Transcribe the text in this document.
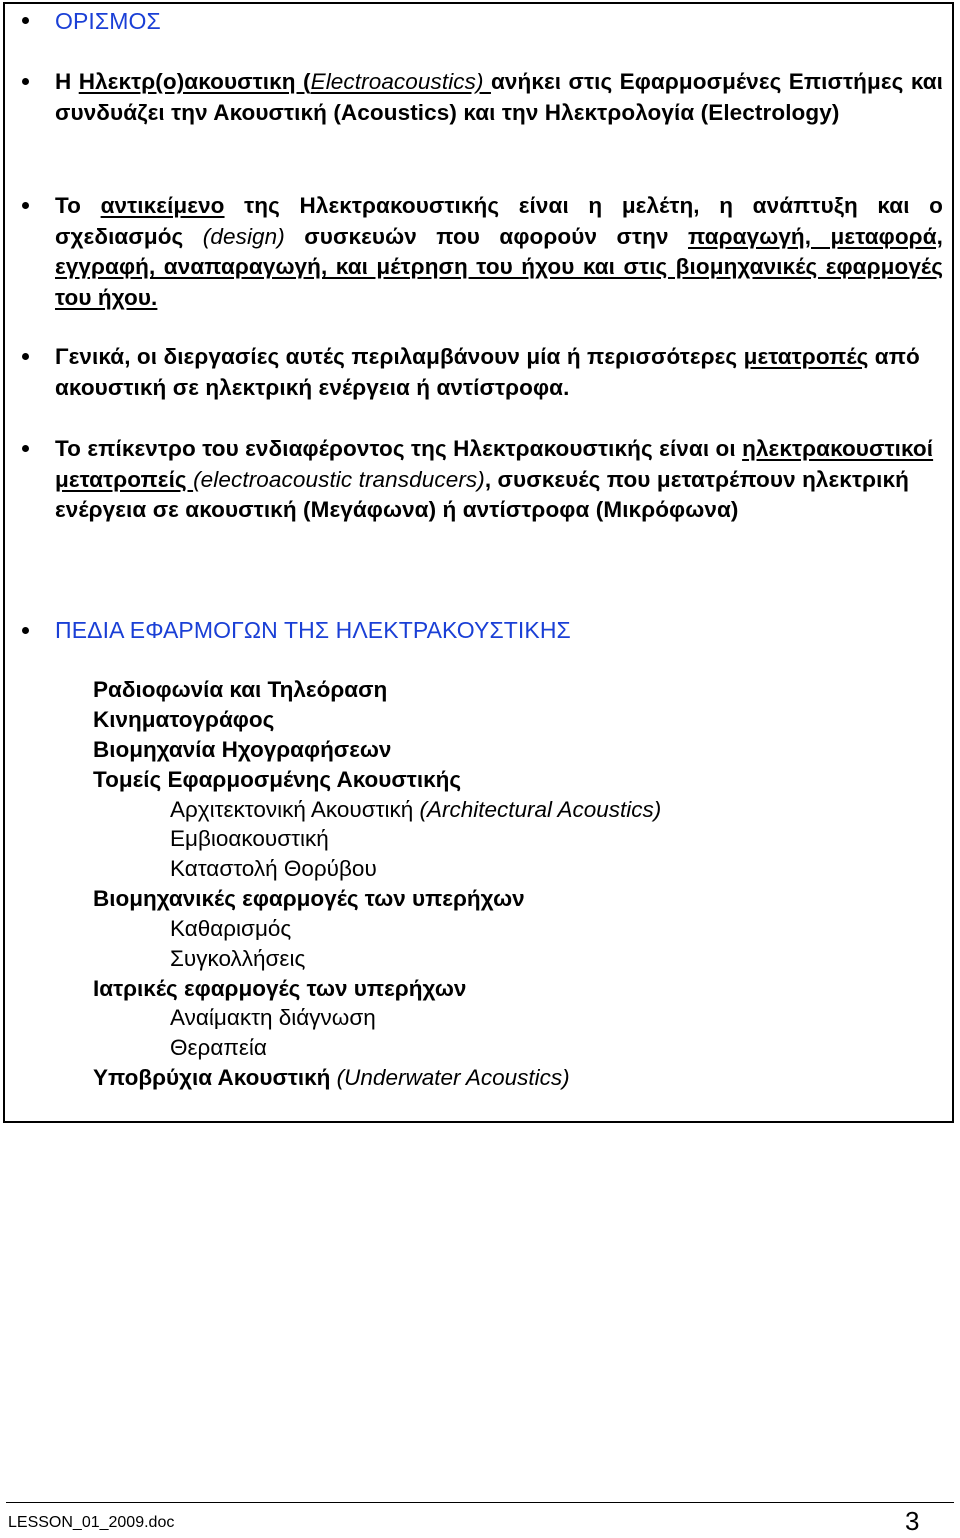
ΟΡΙΣΜΟΣ
Η Ηλεκτρ(ο)ακουστικη (Electroacoustics) ανήκει στις Εφαρμοσμένες Επιστήμες και συνδυάζει την Ακουστική (Acoustics) και την Ηλεκτρολογία (Electrology)
Το αντικείμενο της Ηλεκτρακουστικής είναι η μελέτη, η ανάπτυξη και ο σχεδιασμός (design) συσκευών που αφορούν στην παραγωγή, μεταφορά, εγγραφή, αναπαραγωγή, και μέτρηση του ήχου και στις βιομηχανικές εφαρμογές του ήχου.
Γενικά, οι διεργασίες αυτές περιλαμβάνουν μία ή περισσότερες μετατροπές από ακουστική σε ηλεκτρική ενέργεια ή αντίστροφα.
Το επίκεντρο του ενδιαφέροντος της Ηλεκτρακουστικής είναι οι ηλεκτρακουστικοί μετατροπείς (electroacoustic transducers), συσκευές που μετατρέπουν ηλεκτρική ενέργεια σε ακουστική (Μεγάφωνα) ή αντίστροφα (Μικρόφωνα)
ΠΕΔΙΑ ΕΦΑΡΜΟΓΩΝ ΤΗΣ ΗΛΕΚΤΡΑΚΟΥΣΤΙΚΗΣ
Ραδιοφωνία και Τηλεόραση
Κινηματογράφος
Βιομηχανία Ηχογραφήσεων
Τομείς Εφαρμοσμένης Ακουστικής
Αρχιτεκτονική Ακουστική (Architectural Acoustics)
Εμβιοακουστική
Καταστολή Θορύβου
Βιομηχανικές εφαρμογές των υπερήχων
Καθαρισμός
Συγκολλήσεις
Ιατρικές εφαρμογές των υπερήχων
Αναίμακτη διάγνωση
Θεραπεία
Υποβρύχια Ακουστική (Underwater Acoustics)
LESSON_01_2009.doc	3
